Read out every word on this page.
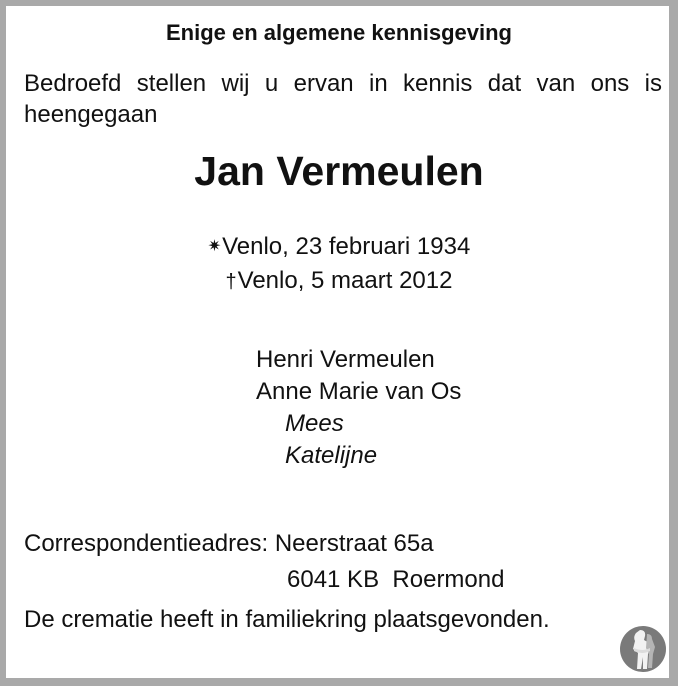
Enige en algemene kennisgeving
Bedroefd stellen wij u ervan in kennis dat van ons is
heengegaan
Jan Vermeulen
✷Venlo, 23 februari 1934
†Venlo, 5 maart 2012
Henri Vermeulen
Anne Marie van Os
Mees
Katelijne
Correspondentieadres: Neerstraat 65a
6041 KB  Roermond
De crematie heeft in familiekring plaatsgevonden.
